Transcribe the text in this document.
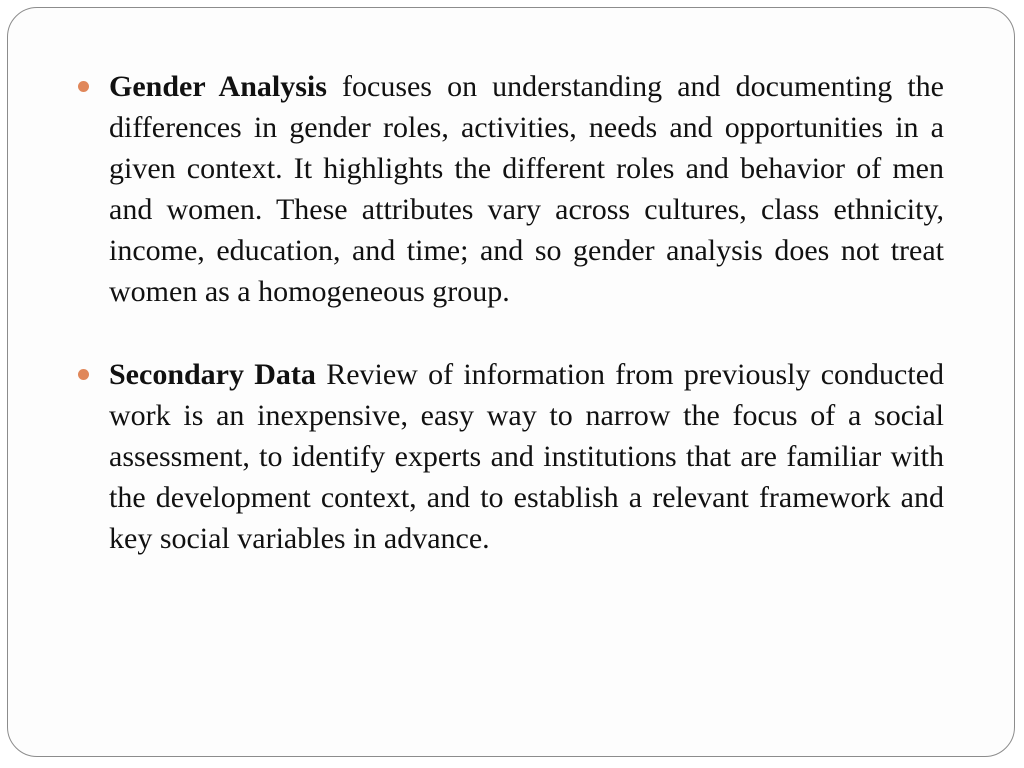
Gender Analysis focuses on understanding and documenting the differences in gender roles, activities, needs and opportunities in a given context. It highlights the different roles and behavior of men and women. These attributes vary across cultures, class ethnicity, income, education, and time; and so gender analysis does not treat women as a homogeneous group.

Secondary Data Review of information from previously conducted work is an inexpensive, easy way to narrow the focus of a social assessment, to identify experts and institutions that are familiar with the development context, and to establish a relevant framework and key social variables in advance.
